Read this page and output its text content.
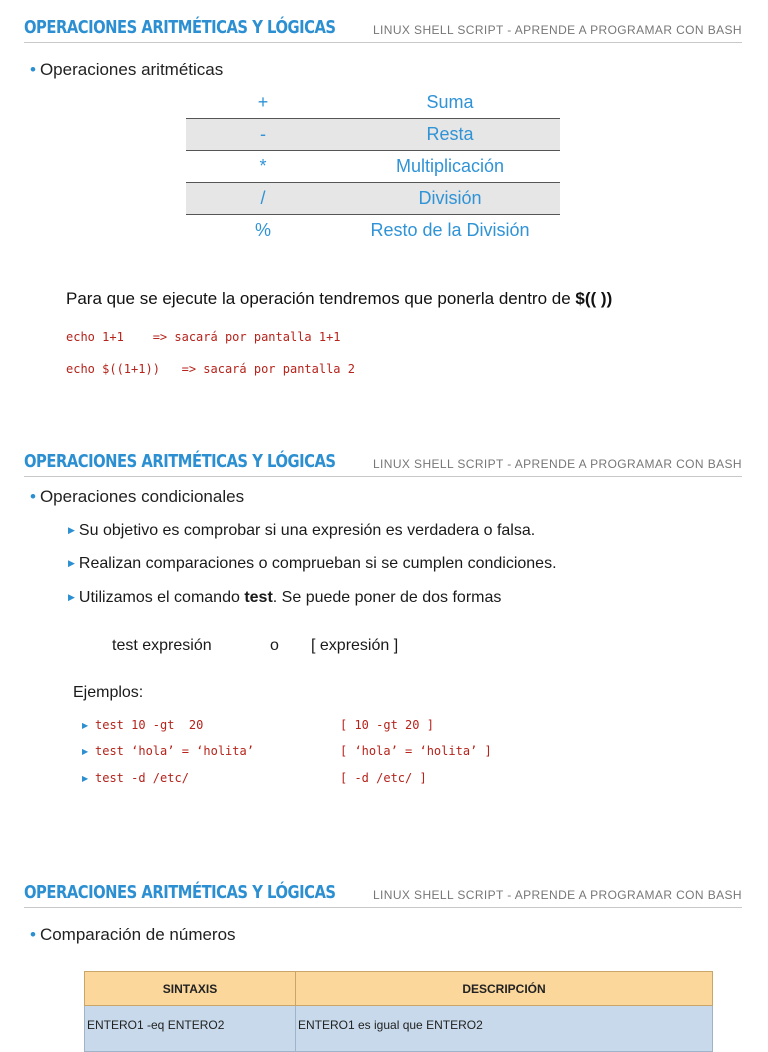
OPERACIONES ARITMÉTICAS Y LÓGICAS	LINUX SHELL SCRIPT - APRENDE A PROGRAMAR CON BASH
• Operaciones aritméticas
+	Suma
-	Resta
*	Multiplicación
/	División
%	Resto de la División
Para que se ejecute la operación tendremos que ponerla dentro de $(( ))
echo 1+1    => sacará por pantalla 1+1
echo $((1+1))   => sacará por pantalla 2
OPERACIONES ARITMÉTICAS Y LÓGICAS	LINUX SHELL SCRIPT - APRENDE A PROGRAMAR CON BASH
• Operaciones condicionales
▶ Su objetivo es comprobar si una expresión es verdadera o falsa.
▶ Realizan comparaciones o comprueban si se cumplen condiciones.
▶ Utilizamos el comando test. Se puede poner de dos formas
test expresión	o [ expresión ]
Ejemplos:
▶ test 10 -gt  20	[ 10 -gt 20 ]
▶ test ‘hola’ = ‘holita’	[ ‘hola’ = ‘holita’ ]
▶ test -d /etc/	[ -d /etc/ ]
OPERACIONES ARITMÉTICAS Y LÓGICAS	LINUX SHELL SCRIPT - APRENDE A PROGRAMAR CON BASH
• Comparación de números
SINTAXIS	DESCRIPCIÓN
ENTERO1 -eq ENTERO2	ENTERO1 es igual que ENTERO2
